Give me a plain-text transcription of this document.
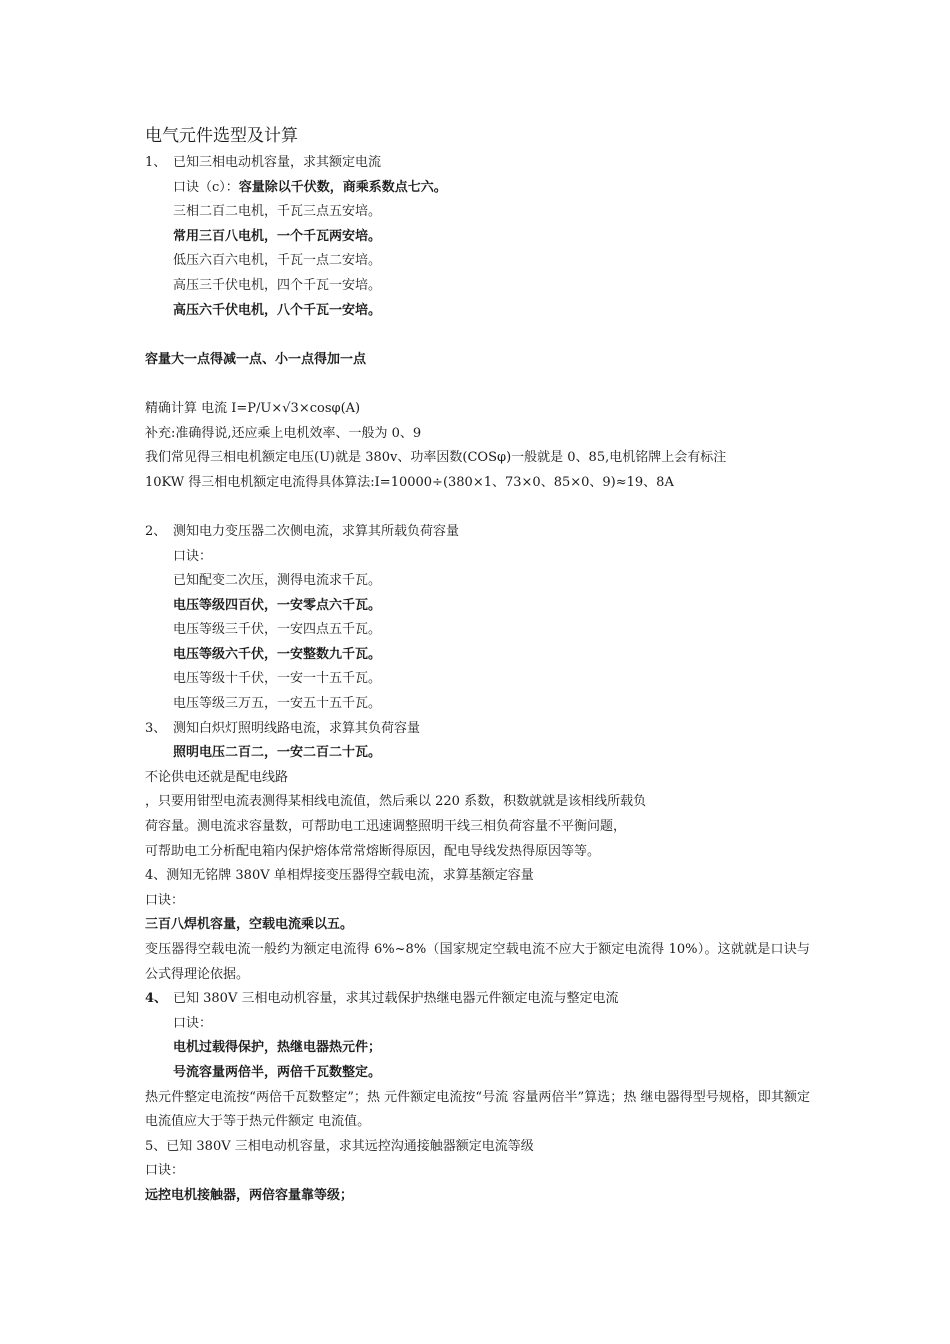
电气元件选型及计算
1、 已知三相电动机容量，求其额定电流
口诀（c）：容量除以千伏数，商乘系数点七六。
三相二百二电机，千瓦三点五安培。
常用三百八电机，一个千瓦两安培。
低压六百六电机，千瓦一点二安培。
高压三千伏电机，四个千瓦一安培。
高压六千伏电机，八个千瓦一安培。
容量大一点得减一点、小一点得加一点
精确计算 电流 I=P/U×√3×cosφ(A)
补充:准确得说,还应乘上电机效率、一般为 0、9
我们常见得三相电机额定电压(U)就是 380v、功率因数(COSφ)一般就是 0、85,电机铭牌上会有标注
10KW 得三相电机额定电流得具体算法:I=10000÷(380×1、73×0、85×0、9)≈19、8A
2、 测知电力变压器二次侧电流，求算其所载负荷容量
口诀：
已知配变二次压，测得电流求千瓦。
电压等级四百伏，一安零点六千瓦。
电压等级三千伏，一安四点五千瓦。
电压等级六千伏，一安整数九千瓦。
电压等级十千伏，一安一十五千瓦。
电压等级三万五，一安五十五千瓦。
3、 测知白炽灯照明线路电流，求算其负荷容量
照明电压二百二，一安二百二十瓦。
不论供电还就是配电线路
，只要用钳型电流表测得某相线电流值，然后乘以 220 系数，积数就就是该相线所载负
荷容量。测电流求容量数，可帮助电工迅速调整照明干线三相负荷容量不平衡问题，
可帮助电工分析配电箱内保护熔体常常熔断得原因，配电导线发热得原因等等。
4、测知无铭牌 380V 单相焊接变压器得空载电流，求算基额定容量
口诀：
三百八焊机容量，空载电流乘以五。
变压器得空载电流一般约为额定电流得 6%~8%（国家规定空载电流不应大于额定电流得 10%）。这就就是口诀与公式得理论依据。
4、 已知 380V 三相电动机容量，求其过载保护热继电器元件额定电流与整定电流
口诀：
电机过载得保护，热继电器热元件；
号流容量两倍半，两倍千瓦数整定。
热元件整定电流按“两倍千瓦数整定”；热 元件额定电流按“号流 容量两倍半”算选；热 继电器得型号规格，即其额定电流值应大于等于热元件额定 电流值。
5、已知 380V 三相电动机容量，求其远控沟通接触器额定电流等级
口诀：
远控电机接触器，两倍容量靠等级；
